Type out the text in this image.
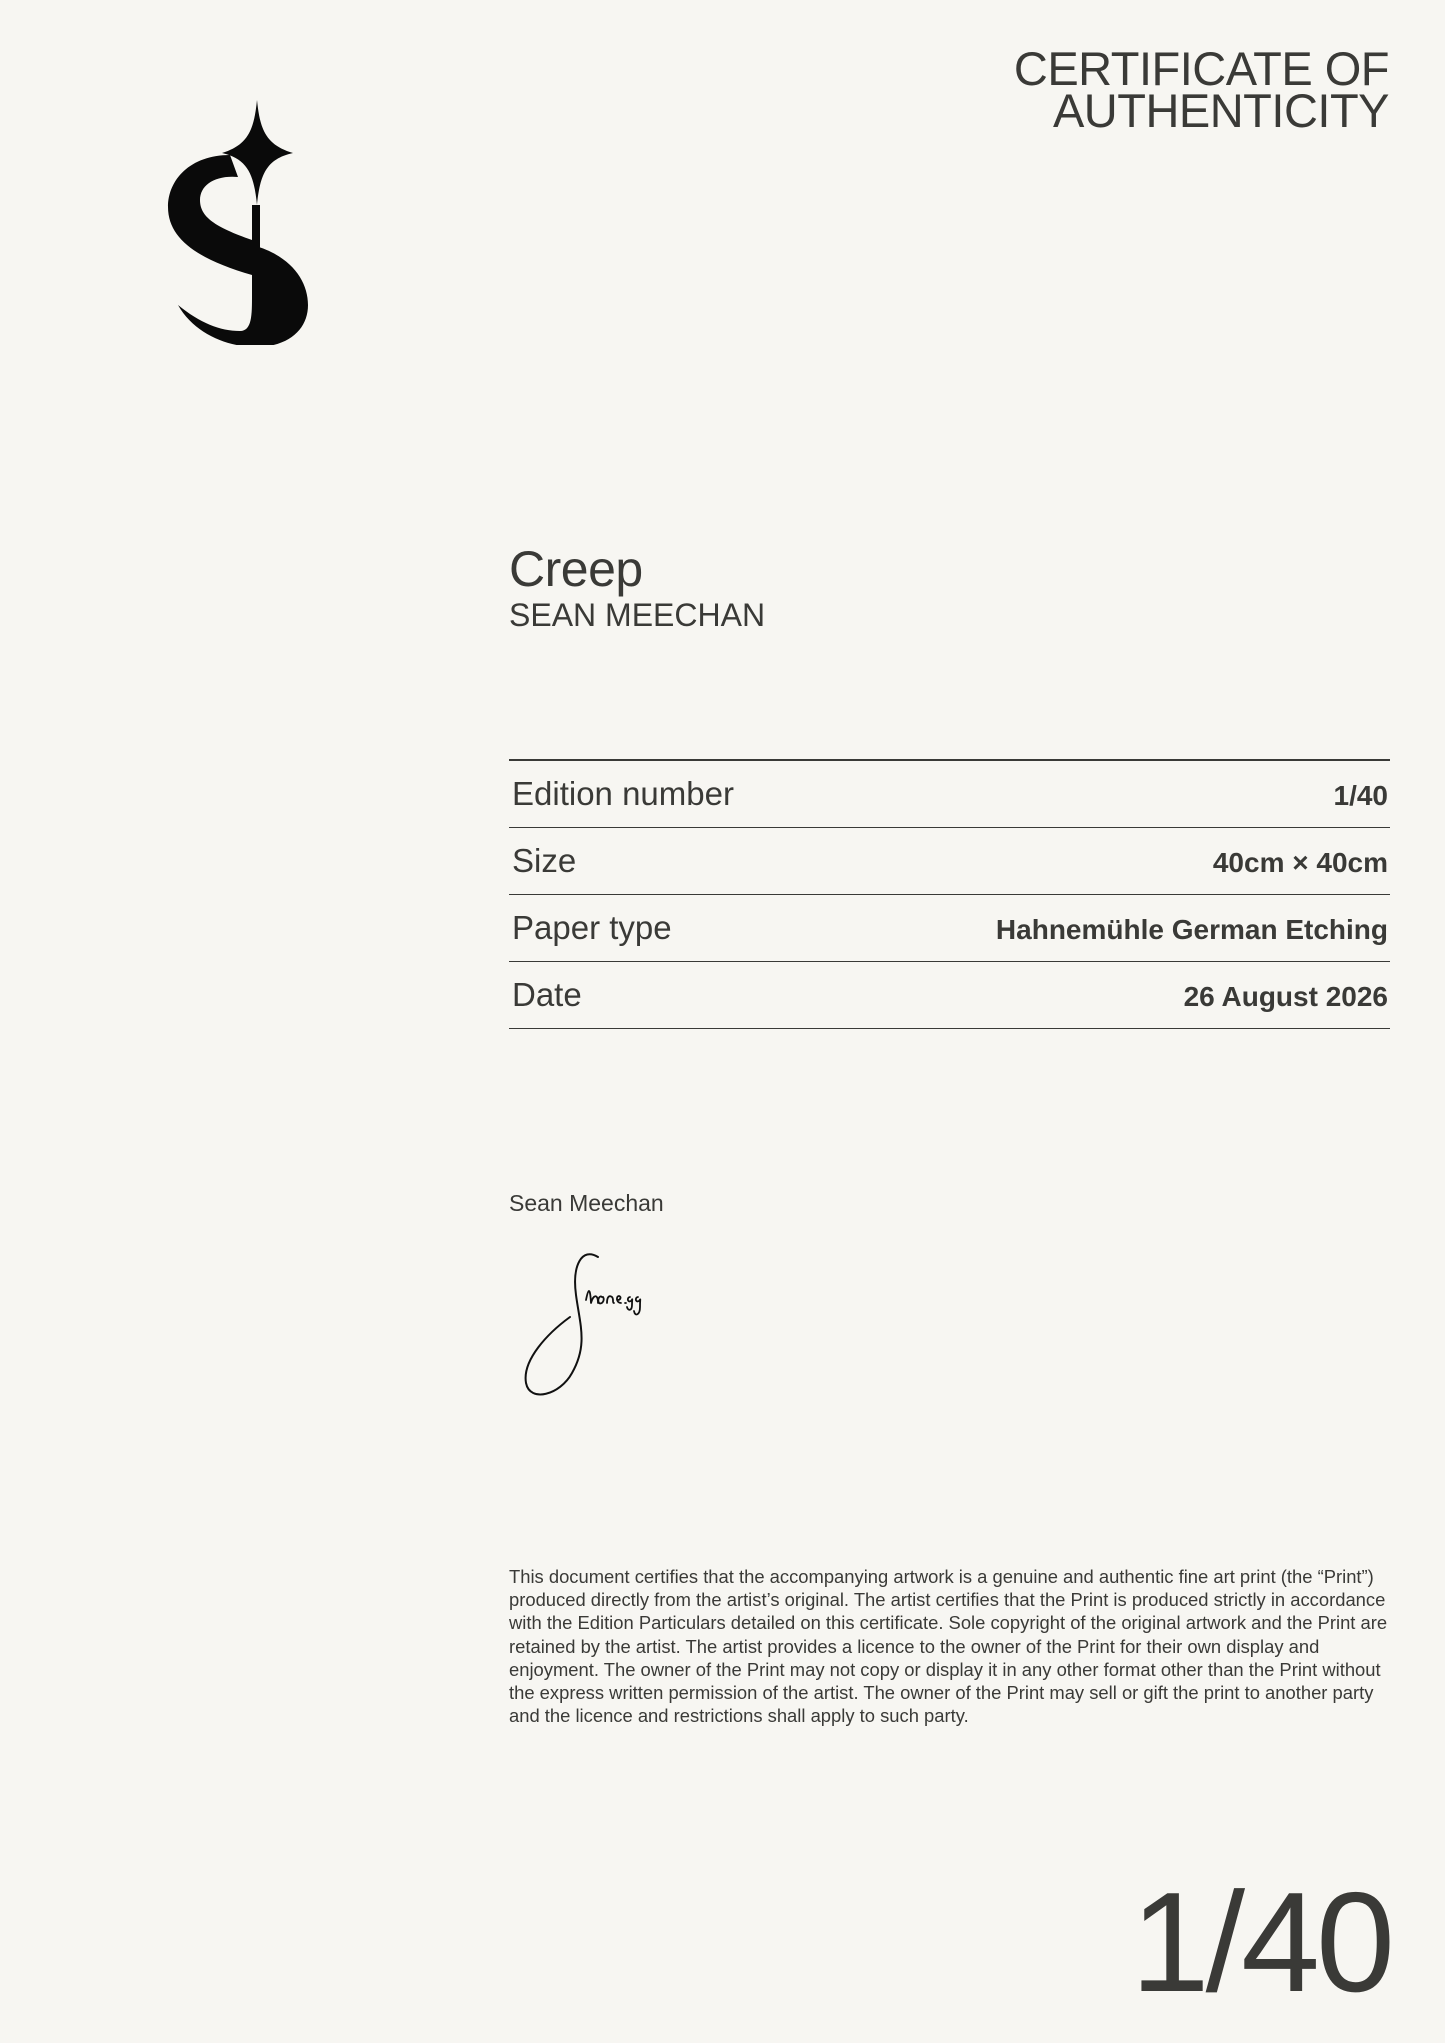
CERTIFICATE OF
AUTHENTICITY
Creep
SEAN MEECHAN
Edition number	1/40
Size	40cm × 40cm
Paper type	Hahnemühle German Etching
Date	26 August 2026
Sean Meechan
This document certifies that the accompanying artwork is a genuine and authentic fine art print (the “Print”) produced directly from the artist’s original. The artist certifies that the Print is produced strictly in accordance with the Edition Particulars detailed on this certificate. Sole copyright of the original artwork and the Print are retained by the artist. The artist provides a licence to the owner of the Print for their own display and enjoyment. The owner of the Print may not copy or display it in any other format other than the Print without the express written permission of the artist. The owner of the Print may sell or gift the print to another party and the licence and restrictions shall apply to such party.
1/40
